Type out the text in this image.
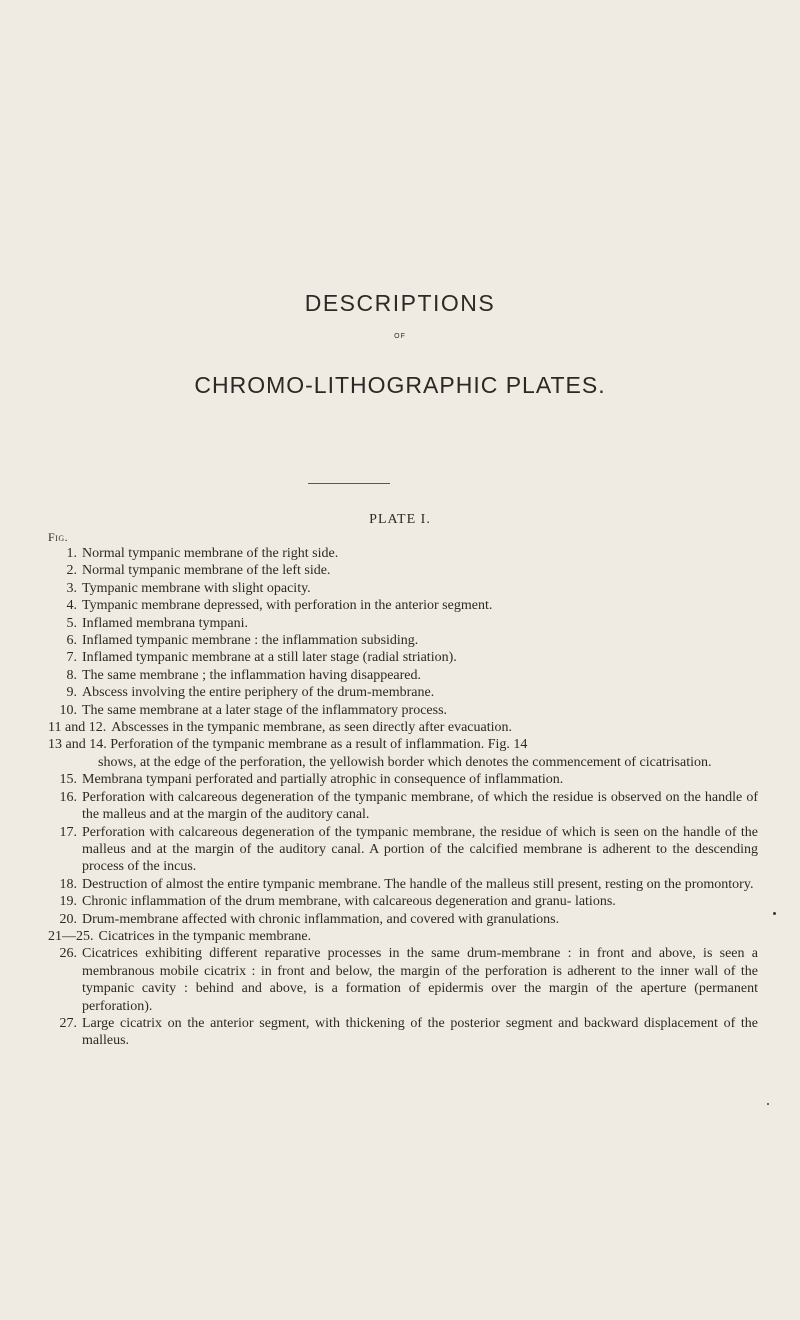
DESCRIPTIONS
OF
CHROMO-LITHOGRAPHIC PLATES.
PLATE I.
Fig.
1. Normal tympanic membrane of the right side.
2. Normal tympanic membrane of the left side.
3. Tympanic membrane with slight opacity.
4. Tympanic membrane depressed, with perforation in the anterior segment.
5. Inflamed membrana tympani.
6. Inflamed tympanic membrane : the inflammation subsiding.
7. Inflamed tympanic membrane at a still later stage (radial striation).
8. The same membrane ; the inflammation having disappeared.
9. Abscess involving the entire periphery of the drum-membrane.
10. The same membrane at a later stage of the inflammatory process.
11 and 12. Abscesses in the tympanic membrane, as seen directly after evacuation.
13 and 14. Perforation of the tympanic membrane as a result of inflammation. Fig. 14
shows, at the edge of the perforation, the yellowish border which denotes the commencement of cicatrisation.
15. Membrana tympani perforated and partially atrophic in consequence of inflammation.
16. Perforation with calcareous degeneration of the tympanic membrane, of which the residue is observed on the handle of the malleus and at the margin of the auditory canal.
17. Perforation with calcareous degeneration of the tympanic membrane, the residue of which is seen on the handle of the malleus and at the margin of the auditory canal. A portion of the calcified membrane is adherent to the descending process of the incus.
18. Destruction of almost the entire tympanic membrane. The handle of the malleus still present, resting on the promontory.
19. Chronic inflammation of the drum membrane, with calcareous degeneration and granu- lations.
20. Drum-membrane affected with chronic inflammation, and covered with granulations.
21—25. Cicatrices in the tympanic membrane.
26. Cicatrices exhibiting different reparative processes in the same drum-membrane : in front and above, is seen a membranous mobile cicatrix : in front and below, the margin of the perforation is adherent to the inner wall of the tympanic cavity : behind and above, is a formation of epidermis over the margin of the aperture (permanent perforation).
27. Large cicatrix on the anterior segment, with thickening of the posterior segment and backward displacement of the malleus.
